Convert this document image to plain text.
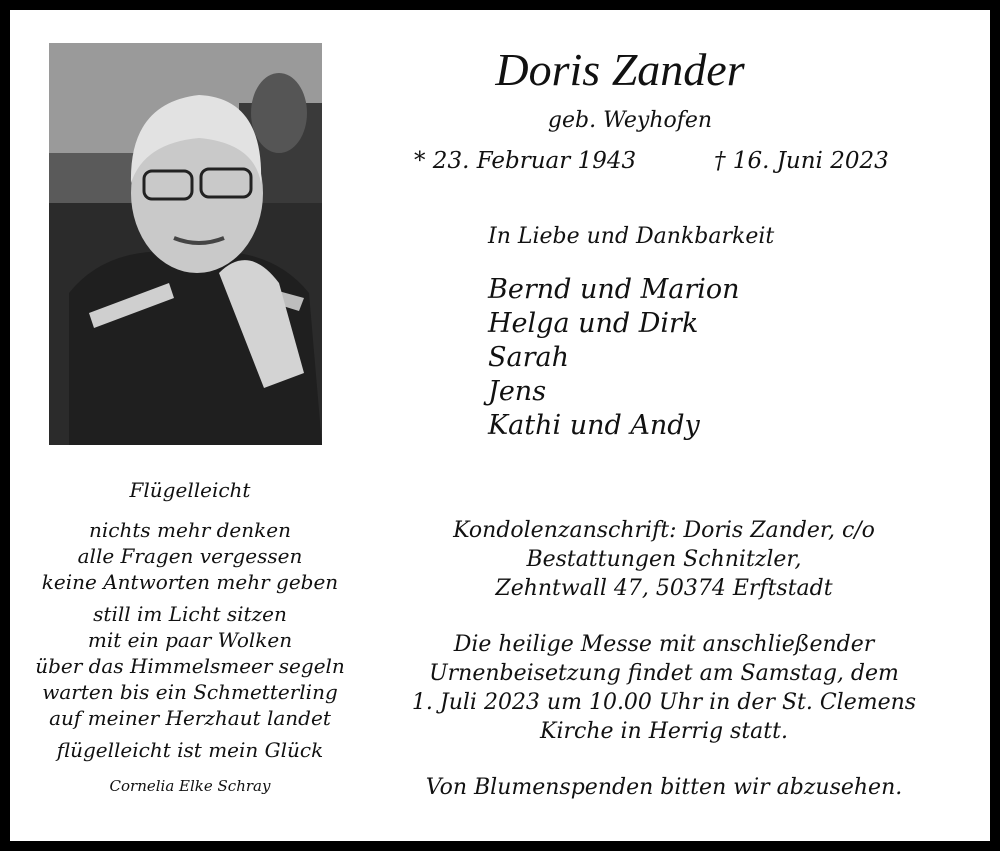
Doris Zander
geb. Weyhofen
* 23. Februar 1943	† 16. Juni 2023
In Liebe und Dankbarkeit
Bernd und Marion
Helga und Dirk
Sarah
Jens
Kathi und Andy
Flügelleicht
nichts mehr denken
alle Fragen vergessen
keine Antworten mehr geben
still im Licht sitzen
mit ein paar Wolken
über das Himmelsmeer segeln
warten bis ein Schmetterling
auf meiner Herzhaut landet
flügelleicht ist mein Glück
Cornelia Elke Schray
Kondolenzanschrift: Doris Zander, c/o
Bestattungen Schnitzler,
Zehntwall 47, 50374 Erftstadt
Die heilige Messe mit anschließender
Urnenbeisetzung findet am Samstag, dem
1. Juli 2023 um 10.00 Uhr in der St. Clemens
Kirche in Herrig statt.
Von Blumenspenden bitten wir abzusehen.
